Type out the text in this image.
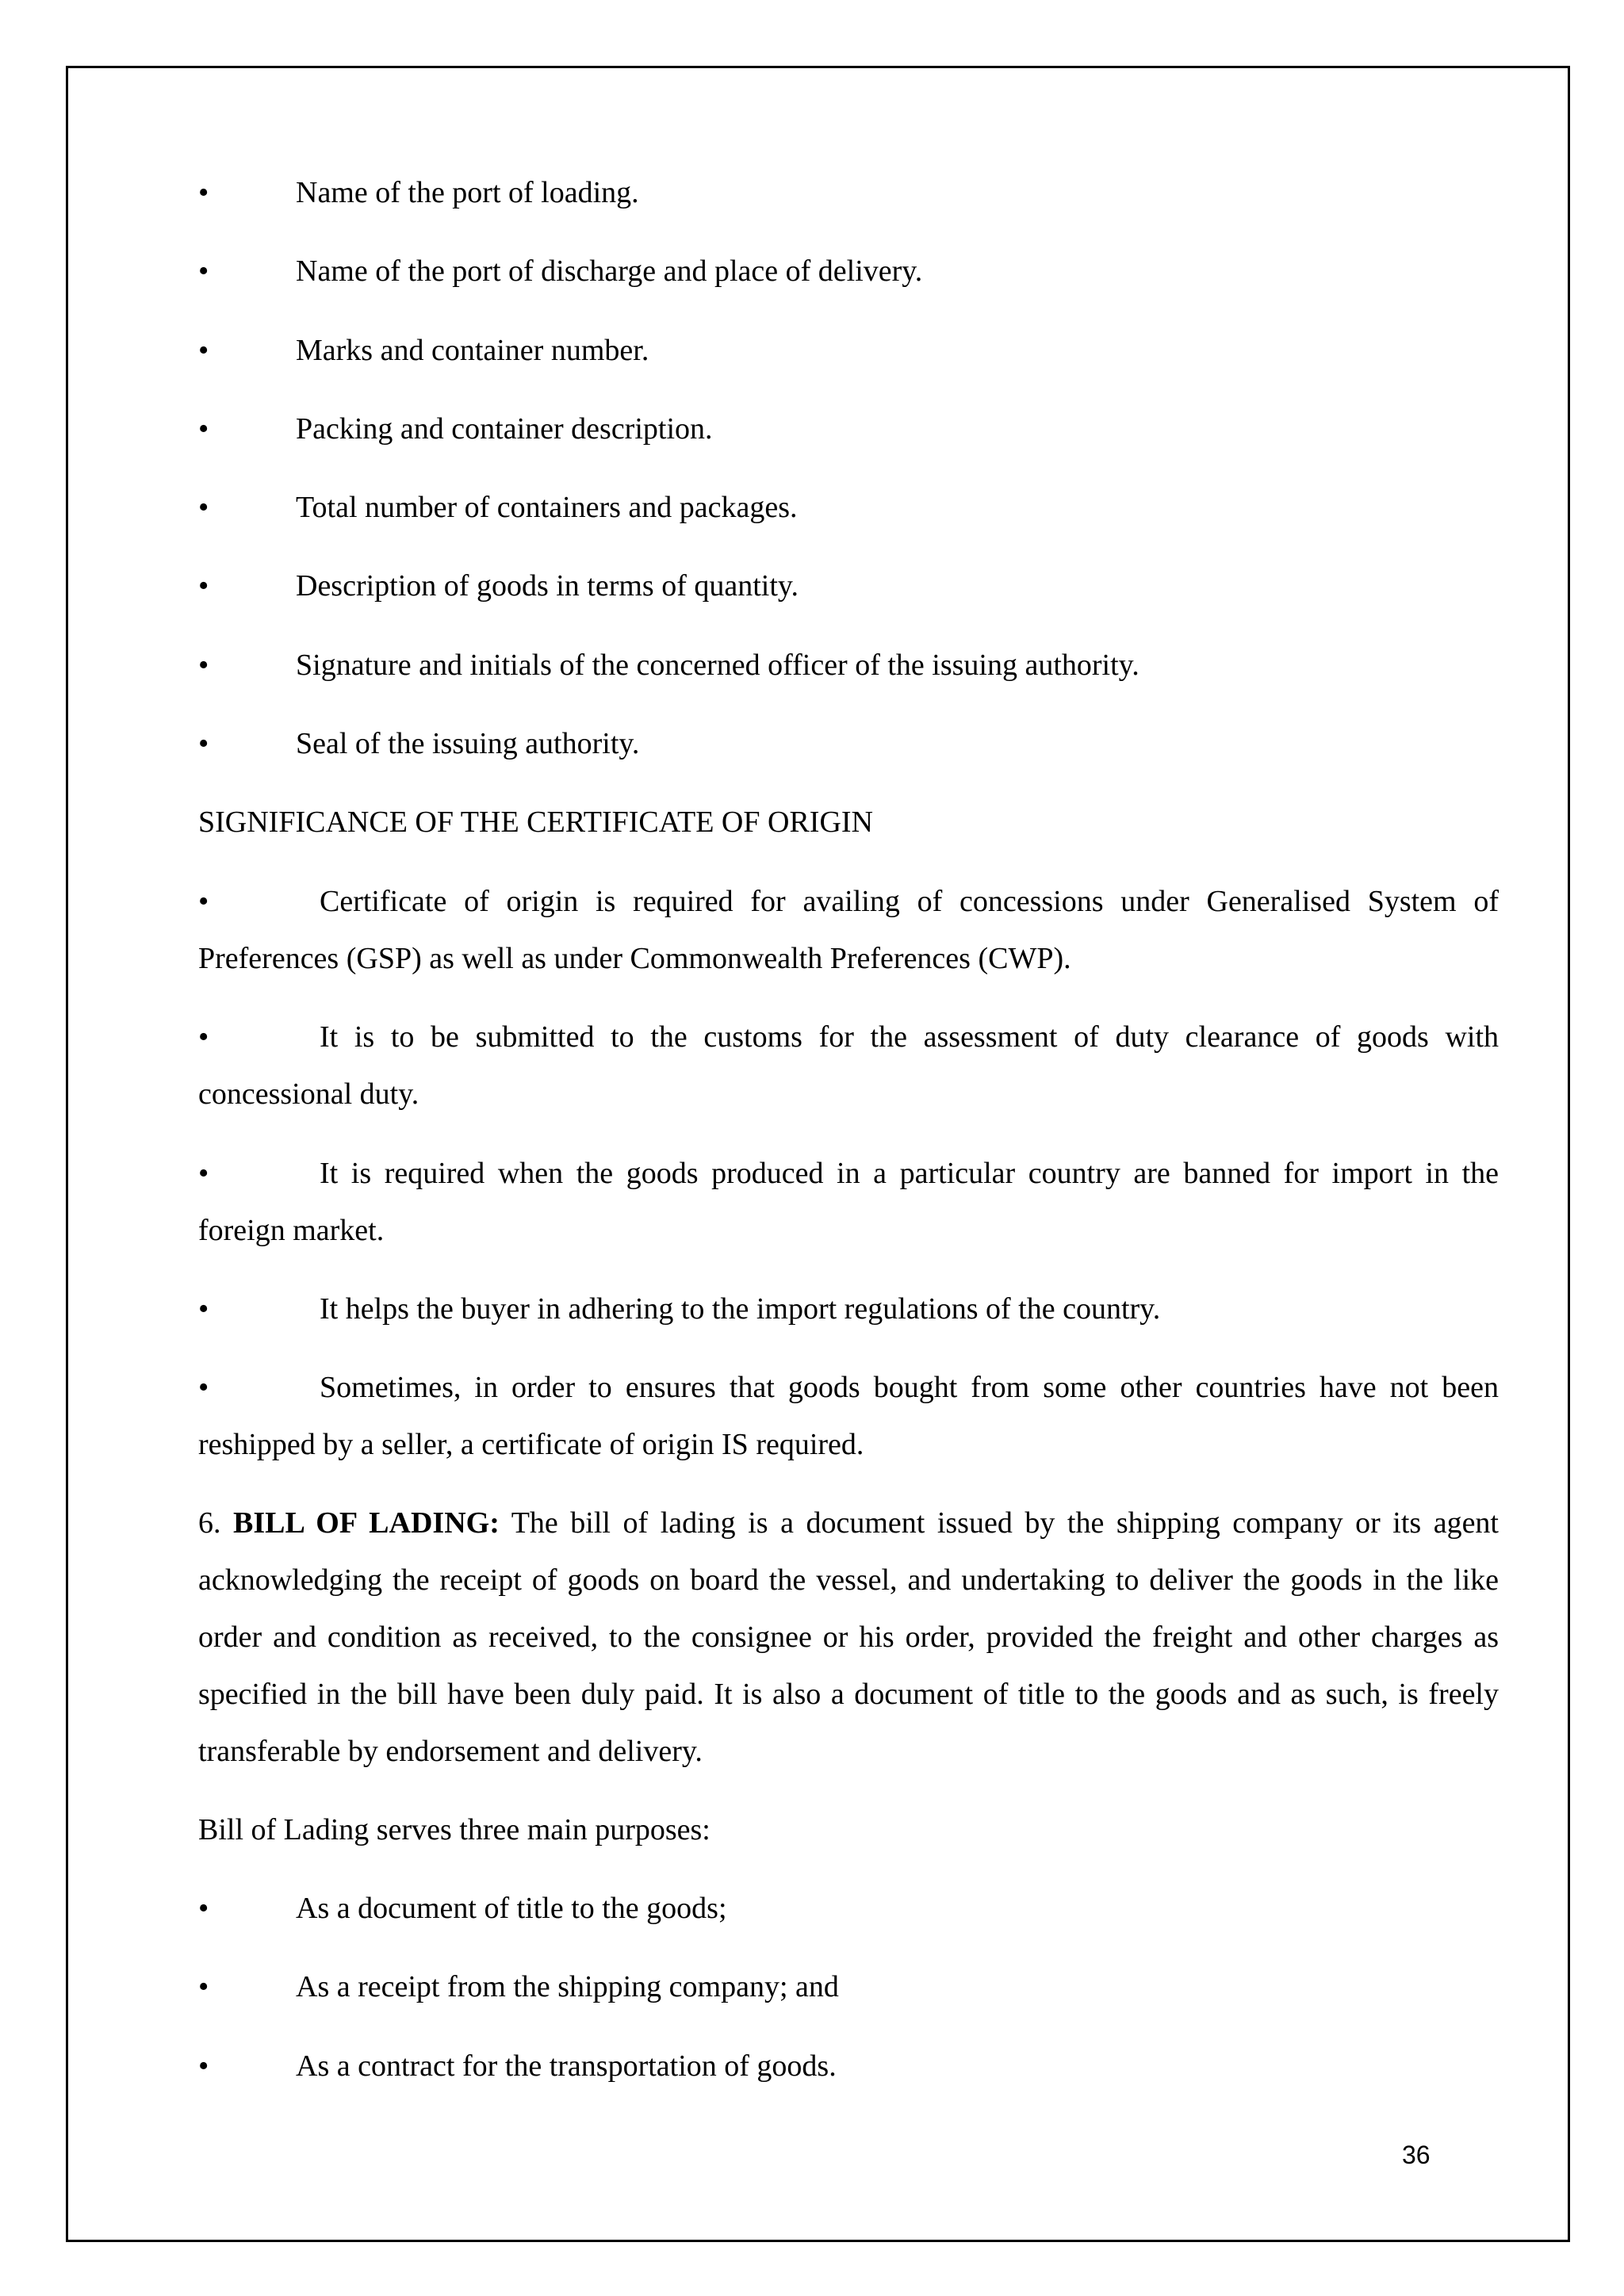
•	Name of the port of loading.
•	Name of the port of discharge and place of delivery.
•	Marks and container number.
•	Packing and container description.
•	Total number of containers and packages.
•	Description of goods in terms of quantity.
•	Signature and initials of the concerned officer of the issuing authority.
•	Seal of the issuing authority.
SIGNIFICANCE OF THE CERTIFICATE OF ORIGIN
•	Certificate of origin is required for availing of concessions under Generalised System of Preferences (GSP) as well as under Commonwealth Preferences (CWP).
•	It is to be submitted to the customs for the assessment of duty clearance of goods with concessional duty.
•	It is required when the goods produced in a particular country are banned for import in the foreign market.
•	It helps the buyer in adhering to the import regulations of the country.
•	Sometimes, in order to ensures that goods bought from some other countries have not been reshipped by a seller, a certificate of origin IS required.
6. BILL OF LADING: The bill of lading is a document issued by the shipping company or its agent acknowledging the receipt of goods on board the vessel, and undertaking to deliver the goods in the like order and condition as received, to the consignee or his order, provided the freight and other charges as specified in the bill have been duly paid. It is also a document of title to the goods and as such, is freely transferable by endorsement and delivery.
Bill of Lading serves three main purposes:
•	As a document of title to the goods;
•	As a receipt from the shipping company; and
•	As a contract for the transportation of goods.
36
